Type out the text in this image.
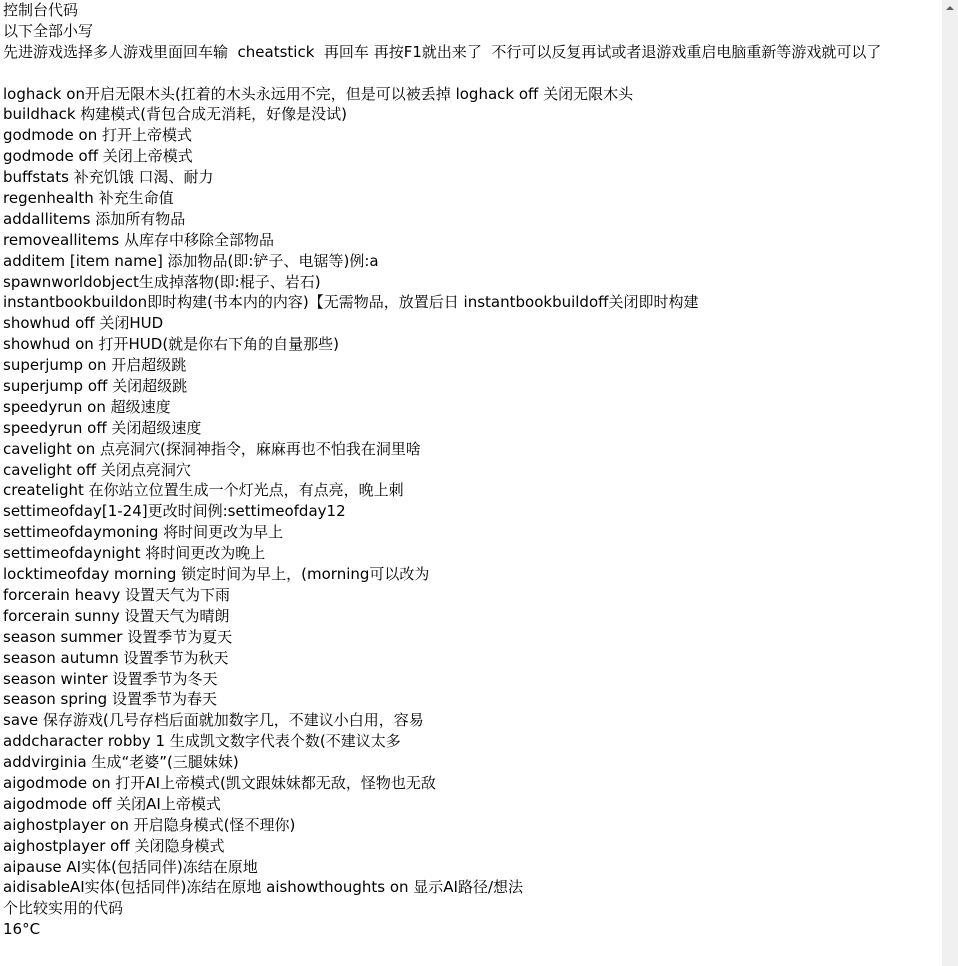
控制台代码
以下全部小写
先进游戏选择多人游戏里面回车输  cheatstick  再回车 再按F1就出来了  不行可以反复再试或者退游戏重启电脑重新等游戏就可以了
loghack on开启无限木头(扛着的木头永远用不完，但是可以被丢掉 loghack off 关闭无限木头
buildhack 构建模式(背包合成无消耗，好像是没试)
godmode on 打开上帝模式
godmode off 关闭上帝模式
buffstats 补充饥饿 口渴、耐力
regenhealth 补充生命值
addallitems 添加所有物品
removeallitems 从库存中移除全部物品
additem [item name] 添加物品(即:铲子、电锯等)例:a
spawnworldobject生成掉落物(即:棍子、岩石)
instantbookbuildon即时构建(书本内的内容)【无需物品，放置后日 instantbookbuildoff关闭即时构建
showhud off 关闭HUD
showhud on 打开HUD(就是你右下角的自量那些)
superjump on 开启超级跳
superjump off 关闭超级跳
speedyrun on 超级速度
speedyrun off 关闭超级速度
cavelight on 点亮洞穴(探洞神指令，麻麻再也不怕我在洞里啥
cavelight off 关闭点亮洞穴
createlight 在你站立位置生成一个灯光点，有点亮，晚上刺
settimeofday[1-24]更改时间例:settimeofday12
settimeofdaymoning 将时间更改为早上
settimeofdaynight 将时间更改为晚上
locktimeofday morning 锁定时间为早上，(morning可以改为
forcerain heavy 设置天气为下雨
forcerain sunny 设置天气为晴朗
season summer 设置季节为夏天
season autumn 设置季节为秋天
season winter 设置季节为冬天
season spring 设置季节为春天
save 保存游戏(几号存档后面就加数字几，不建议小白用，容易
addcharacter robby 1 生成凯文数字代表个数(不建议太多
addvirginia 生成“老婆”(三腿妹妹)
aigodmode on 打开AI上帝模式(凯文跟妹妹都无敌，怪物也无敌
aigodmode off 关闭AI上帝模式
aighostplayer on 开启隐身模式(怪不理你)
aighostplayer off 关闭隐身模式
aipause AI实体(包括同伴)冻结在原地
aidisableAI实体(包括同伴)冻结在原地 aishowthoughts on 显示AI路径/想法
个比较实用的代码
16°C
